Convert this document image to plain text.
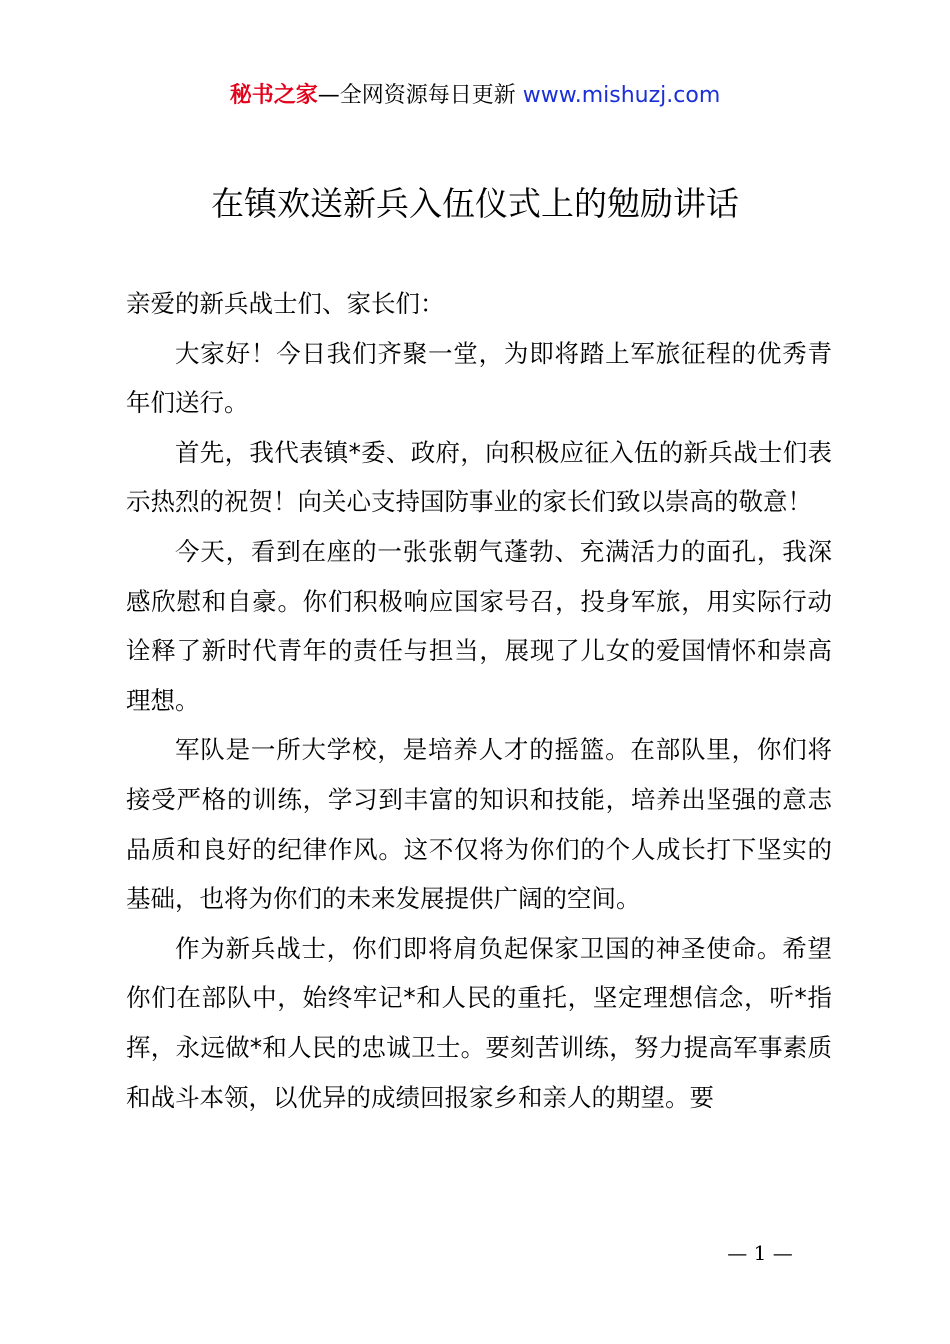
秘书之家—全网资源每日更新 www.mishuzj.com
在镇欢送新兵入伍仪式上的勉励讲话

亲爱的新兵战士们、家长们：

大家好！今日我们齐聚一堂，为即将踏上军旅征程的优秀青年们送行。

首先，我代表镇*委、政府，向积极应征入伍的新兵战士们表示热烈的祝贺！向关心支持国防事业的家长们致以崇高的敬意！

今天，看到在座的一张张朝气蓬勃、充满活力的面孔，我深感欣慰和自豪。你们积极响应国家号召，投身军旅，用实际行动诠释了新时代青年的责任与担当，展现了儿女的爱国情怀和崇高理想。

军队是一所大学校，是培养人才的摇篮。在部队里，你们将接受严格的训练，学习到丰富的知识和技能，培养出坚强的意志品质和良好的纪律作风。这不仅将为你们的个人成长打下坚实的基础，也将为你们的未来发展提供广阔的空间。

作为新兵战士，你们即将肩负起保家卫国的神圣使命。希望你们在部队中，始终牢记*和人民的重托，坚定理想信念，听*指挥，永远做*和人民的忠诚卫士。要刻苦训练，努力提高军事素质和战斗本领，以优异的成绩回报家乡和亲人的期望。要

— 1 —
